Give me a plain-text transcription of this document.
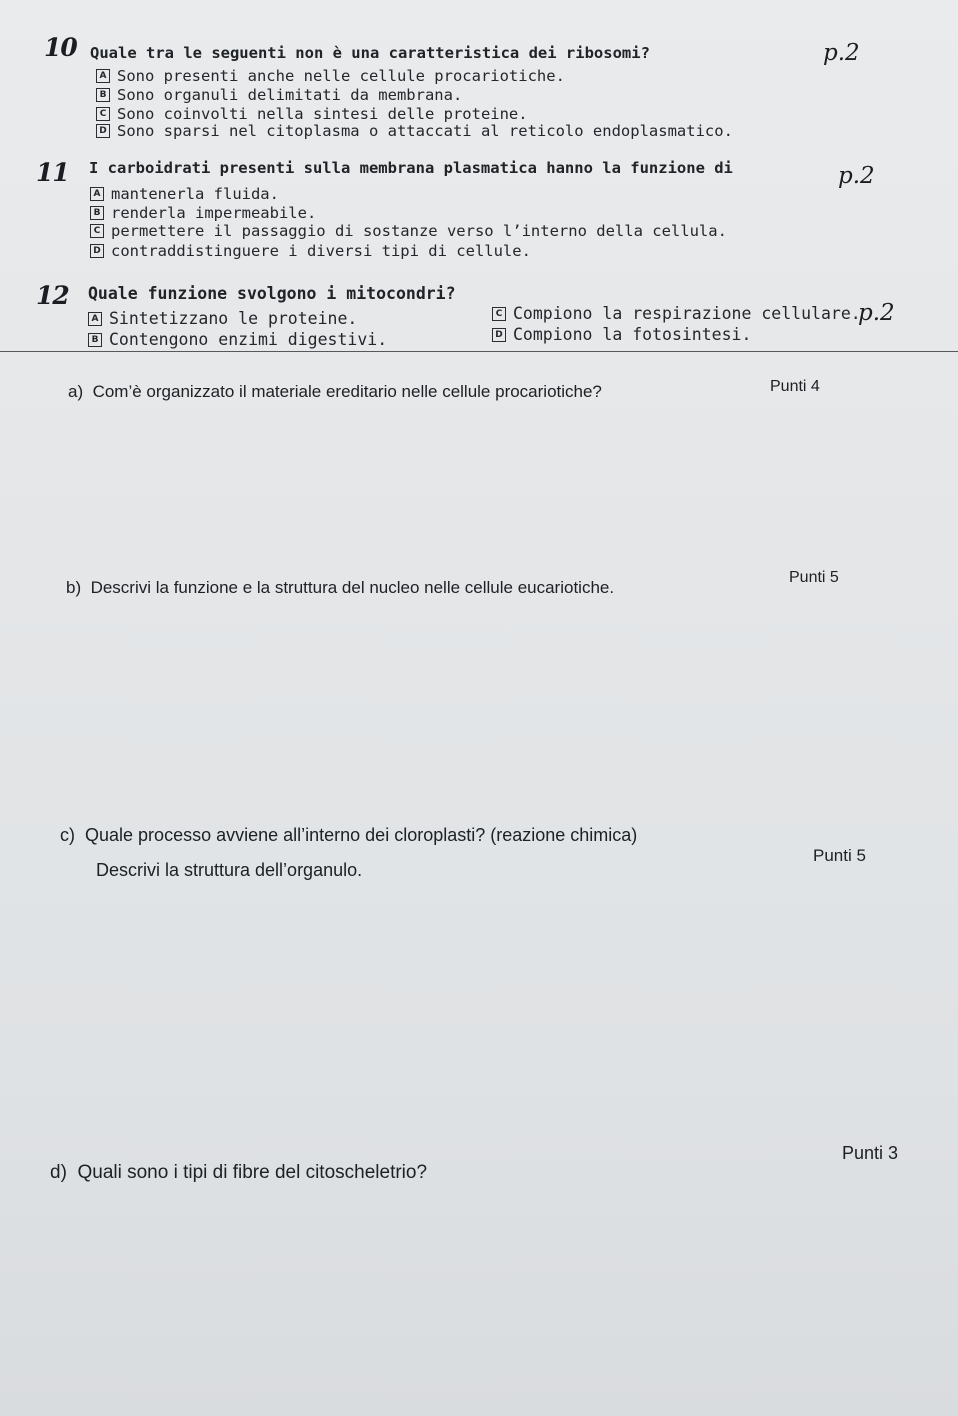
10 Quale tra le seguenti non è una caratteristica dei ribosomi?	p.2
A Sono presenti anche nelle cellule procariotiche.
B Sono organuli delimitati da membrana.
C Sono coinvolti nella sintesi delle proteine.
D Sono sparsi nel citoplasma o attaccati al reticolo endoplasmatico.
11 I carboidrati presenti sulla membrana plasmatica hanno la funzione di	p.2
A mantenerla fluida.
B renderla impermeabile.
C permettere il passaggio di sostanze verso l’interno della cellula.
D contraddistinguere i diversi tipi di cellule.
12 Quale funzione svolgono i mitocondri?
p.2
A Sintetizzano le proteine.
B Contengono enzimi digestivi.
C Compiono la respirazione cellulare.
D Compiono la fotosintesi.
a) Com’è organizzato il materiale ereditario nelle cellule procariotiche?	Punti 4
b) Descrivi la funzione e la struttura del nucleo nelle cellule eucariotiche.
Punti 5
c) Quale processo avviene all’interno dei cloroplasti? (reazione chimica)
Descrivi la struttura dell’organulo.
Punti 5
d) Quali sono i tipi di fibre del citoscheletrio?
Punti 3
